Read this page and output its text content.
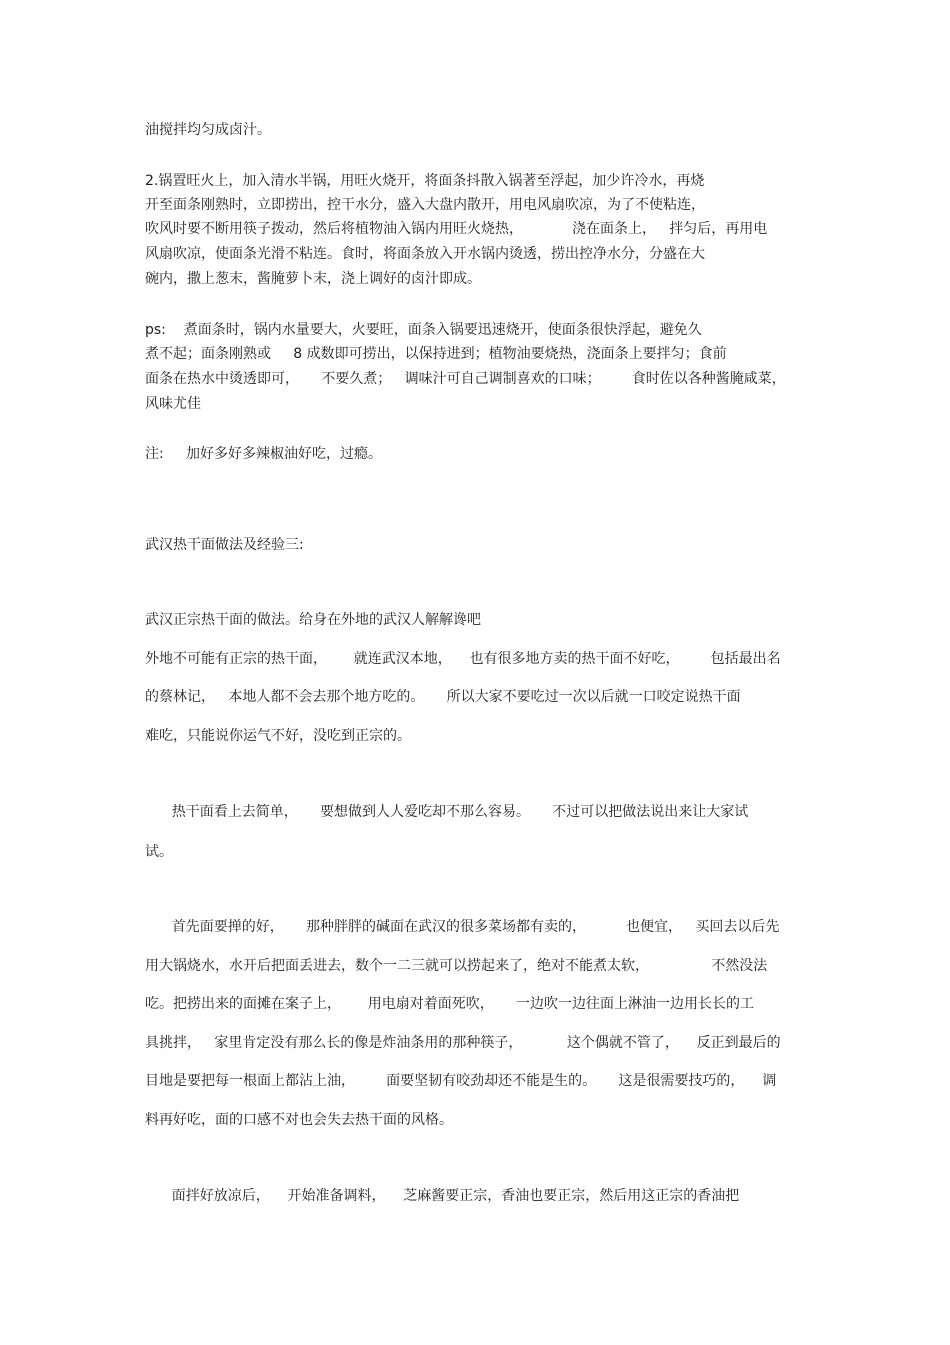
油搅拌均匀成卤汁。

2.锅置旺火上，加入清水半锅，用旺火烧开，将面条抖散入锅著至浮起，加少许冷水，再烧

开至面条刚熟时，立即捞出，控干水分，盛入大盘内散开，用电风扇吹凉，为了不使粘连，

吹风时要不断用筷子拨动，然后将植物油入锅内用旺火烧热，           浇在面条上，   拌匀后，再用电

风扇吹凉，使面条光滑不粘连。食时，将面条放入开水锅内烫透，捞出控净水分，分盛在大

碗内，撒上葱末，酱腌萝卜末，浇上调好的卤汁即成。

ps:    煮面条时，锅内水量要大，火要旺，面条入锅要迅速烧开，使面条很快浮起，避免久

煮不起；面条刚熟或     8 成数即可捞出，以保持进到；植物油要烧热，浇面条上要拌匀；食前

面条在热水中烫透即可，     不要久煮；   调味汁可自己调制喜欢的口味；       食时佐以各种酱腌咸菜，

风味尤佳

注:     加好多好多辣椒油好吃，过瘾。

武汉热干面做法及经验三:

武汉正宗热干面的做法。给身在外地的武汉人解解谗吧

外地不可能有正宗的热干面，      就连武汉本地，    也有很多地方卖的热干面不好吃，       包括最出名

的蔡林记，   本地人都不会去那个地方吃的。     所以大家不要吃过一次以后就一口咬定说热干面

难吃，只能说你运气不好，没吃到正宗的。

热干面看上去简单，     要想做到人人爱吃却不那么容易。     不过可以把做法说出来让大家试

试。

首先面要掸的好，     那种胖胖的碱面在武汉的很多菜场都有卖的，         也便宜，   买回去以后先

用大锅烧水，水开后把面丢进去，数个一二三就可以捞起来了，绝对不能煮太软，              不然没法

吃。把捞出来的面摊在案子上，      用电扇对着面死吹，     一边吹一边往面上淋油一边用长长的工

具挑拌，   家里肯定没有那么长的像是炸油条用的那种筷子，          这个偶就不管了，    反正到最后的

目地是要把每一根面上都沾上油，       面要坚韧有咬劲却还不能是生的。     这是很需要技巧的，    调

料再好吃，面的口感不对也会失去热干面的风格。

面拌好放凉后，    开始准备调料，    芝麻酱要正宗，香油也要正宗，然后用这正宗的香油把
